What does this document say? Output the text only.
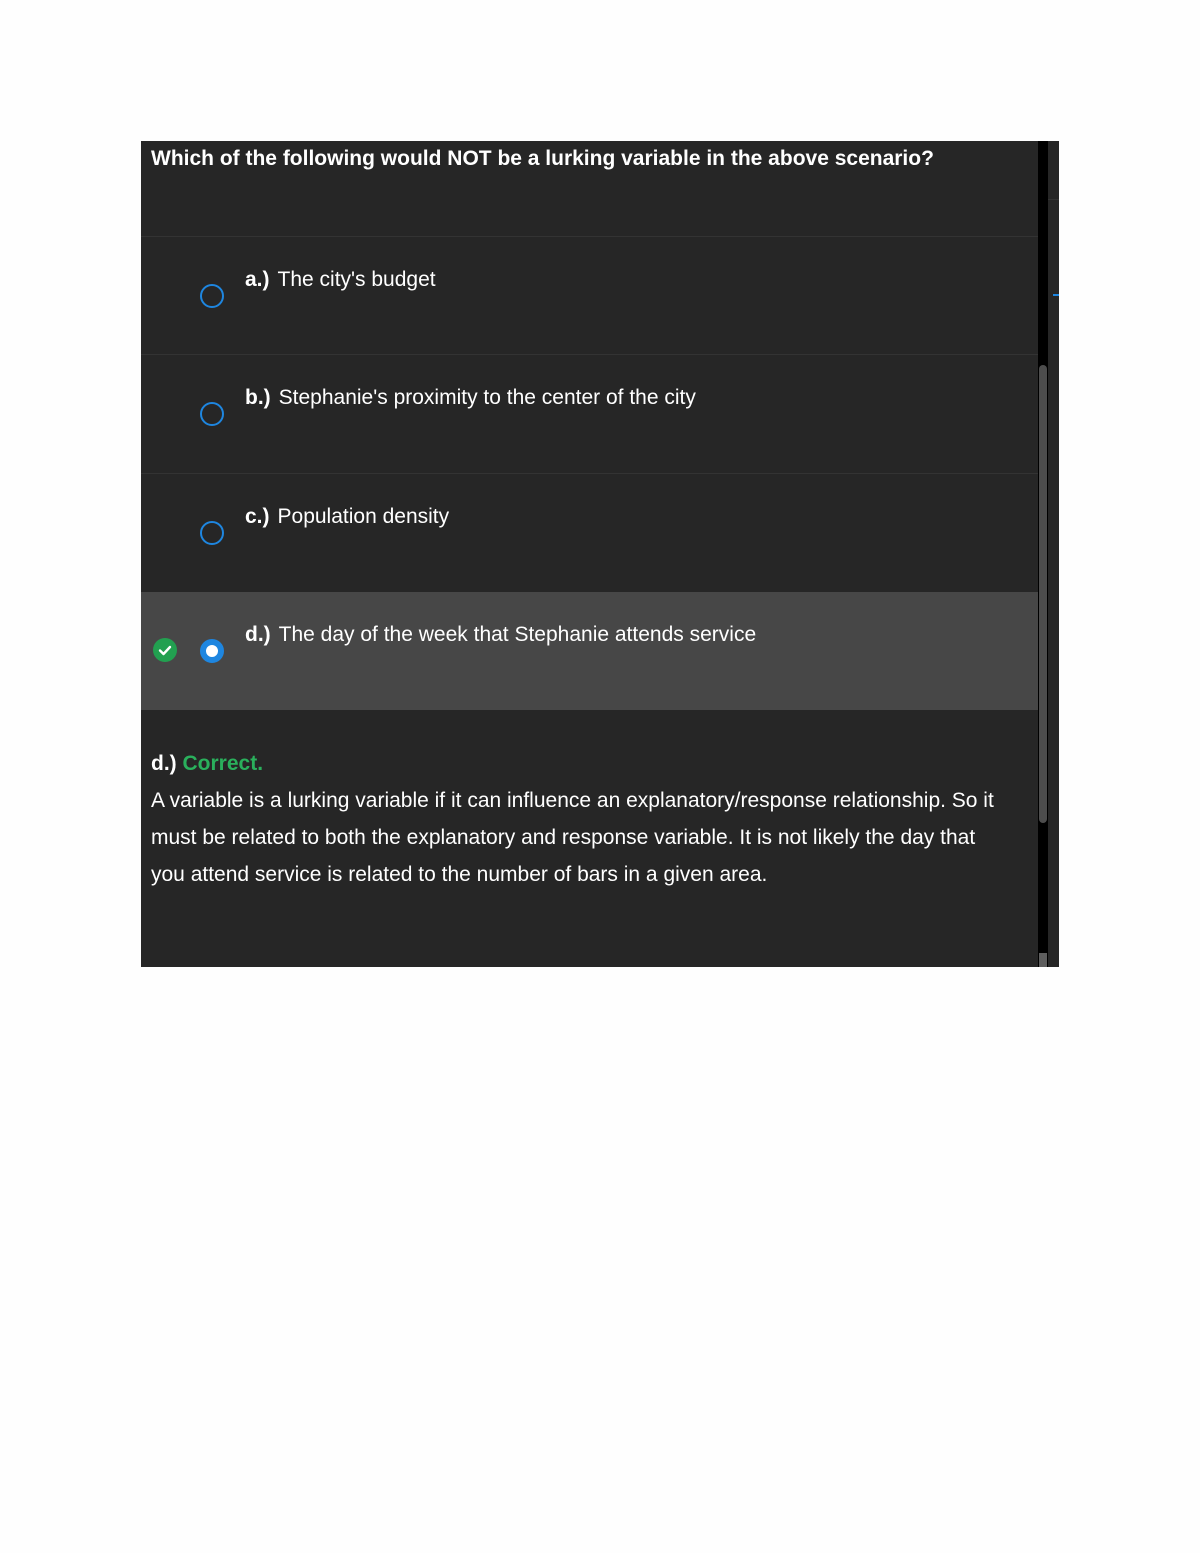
Which of the following would NOT be a lurking variable in the above scenario?
a.) The city's budget
b.) Stephanie's proximity to the center of the city
c.) Population density
d.) The day of the week that Stephanie attends service
d.) Correct.
A variable is a lurking variable if it can influence an explanatory/response relationship. So it must be related to both the explanatory and response variable. It is not likely the day that you attend service is related to the number of bars in a given area.
